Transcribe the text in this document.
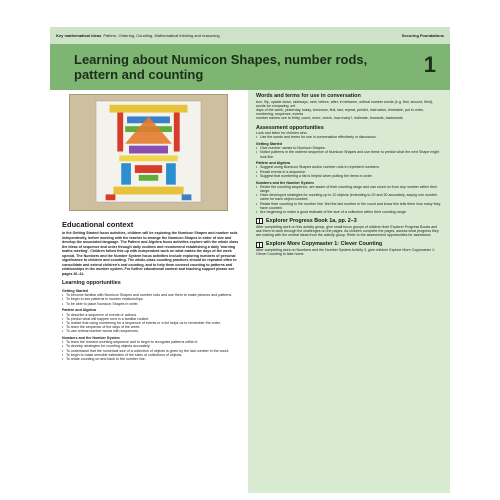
Key mathematical ideas Pattern, Ordering, Counting, Mathematical thinking and reasoning	Securing Foundations
Learning about Numicon Shapes, number rods, pattern and counting	1
Educational context

In the Getting Started focus activities, children will be exploring the Numicon Shapes and number rods independently, before working with the teacher to arrange the Numicon Shapes in order of size and develop the associated language. The Pattern and Algebra focus activities explore with the whole class the ideas of sequence and order through daily routines and recommend establishing a daily 'morning maths meeting'. Children follow this up with independent work on what makes the days of the week special. The Numbers and the Number System focus activities include exploring numbers of personal significance to children and counting. The whole-class counting practices should be repeated often to consolidate and extend children's oral counting, and to help them connect counting to patterns and relationships in the number system. For further educational context and teaching support please see pages 36–41.

Learning opportunities
Getting Started
• To become familiar with Numicon Shapes and number rods and use them to make pictures and patterns.
• To begin to see patterns in number relationships.
• To be able to place Numicon Shapes in order.
Pattern and Algebra
• To describe a sequence of events or actions.
• To predict what will happen next in a familiar routine.
• To realize that using numbering for a sequence of events or a list helps us to remember the order.
• To learn the sequence of the days of the week.
• To use ordinal number words with sequences.
Numbers and the Number System
• To learn the forward counting sequence and to begin to recognize patterns within it.
• To develop strategies for counting objects accurately.
• To understand that the numerical size of a collection of objects is given by the last number in the count.
• To begin to make sensible estimates of the sizes of collections of objects.
• To relate counting on and back to the number line.
Words and terms for use in conversation

turn, flip, upside down, sideways, next, before, after, in between, ordinal number words (e.g. first, second, third), words for comparing, set

days of the week, yesterday, today, tomorrow, first, last, repeat, predict, instruction, timetable, put in order, numbering, sequence, events

number names one to thirty, count, more, check, how many?, estimate, forwards, backwards

Assessment opportunities

Look and listen for children who:

• Use the words and terms for use in conversation effectively in discussion.
Getting Started
• Give number names to Numicon Shapes.
• Notice patterns in the ordered sequence of Numicon Shapes and use these to predict what the next Shape might look like.
Pattern and Algebra
• Suggest using Numicon Shapes and/or number rods to represent numbers.
• Recall events in a sequence.
• Suggest that numbering a list is helpful when putting the items in order.
Numbers and the Number System
• Recite the counting sequence, are aware of their counting range and can count on from any number within their range.
• Have developed strategies for counting up to 10 objects (extending to 20 and 30 accurately, saying one number name for each object counted.
• Relate their counting to the number line, find the last number in the count and know this tells them how many they have counted.
• Are beginning to make a good estimate of the size of a collection within their counting range.
Explorer Progress Book 1a, pp. 2–3

After completing work on this activity group, give small focus groups of children their Explorer Progress Books and ask them to work through the challenges on the pages. As children complete the pages, assess what progress they are making with the central ideas from the activity group. Refer to the assessment opportunities for assistance.

Explore More Copymaster 1: Clever Counting

After completing work on Numbers and the Number System Activity 3, give children Explore More Copymaster 1: Clever Counting to take home.
